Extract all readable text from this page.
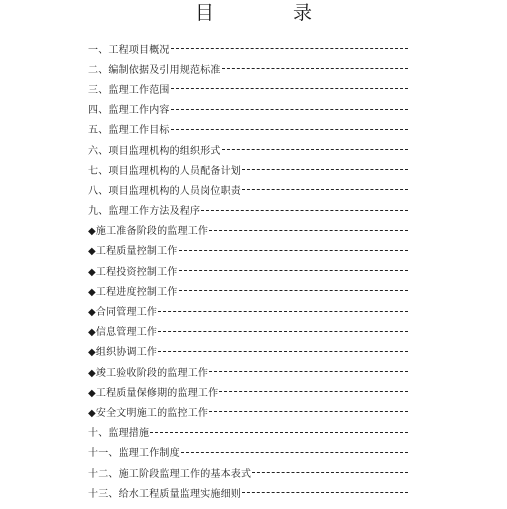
目　录
一、工程项目概况
二、编制依据及引用规范标准
三、监理工作范围
四、监理工作内容
五、监理工作目标
六、项目监理机构的组织形式
七、项目监理机构的人员配备计划
八、项目监理机构的人员岗位职责
九、监理工作方法及程序
◆施工准备阶段的监理工作
◆工程质量控制工作
◆工程投资控制工作
◆工程进度控制工作
◆合同管理工作
◆信息管理工作
◆组织协调工作
◆竣工验收阶段的监理工作
◆工程质量保修期的监理工作
◆安全文明施工的监控工作
十、监理措施
十一、监理工作制度
十二、施工阶段监理工作的基本表式
十三、给水工程质量监理实施细则
